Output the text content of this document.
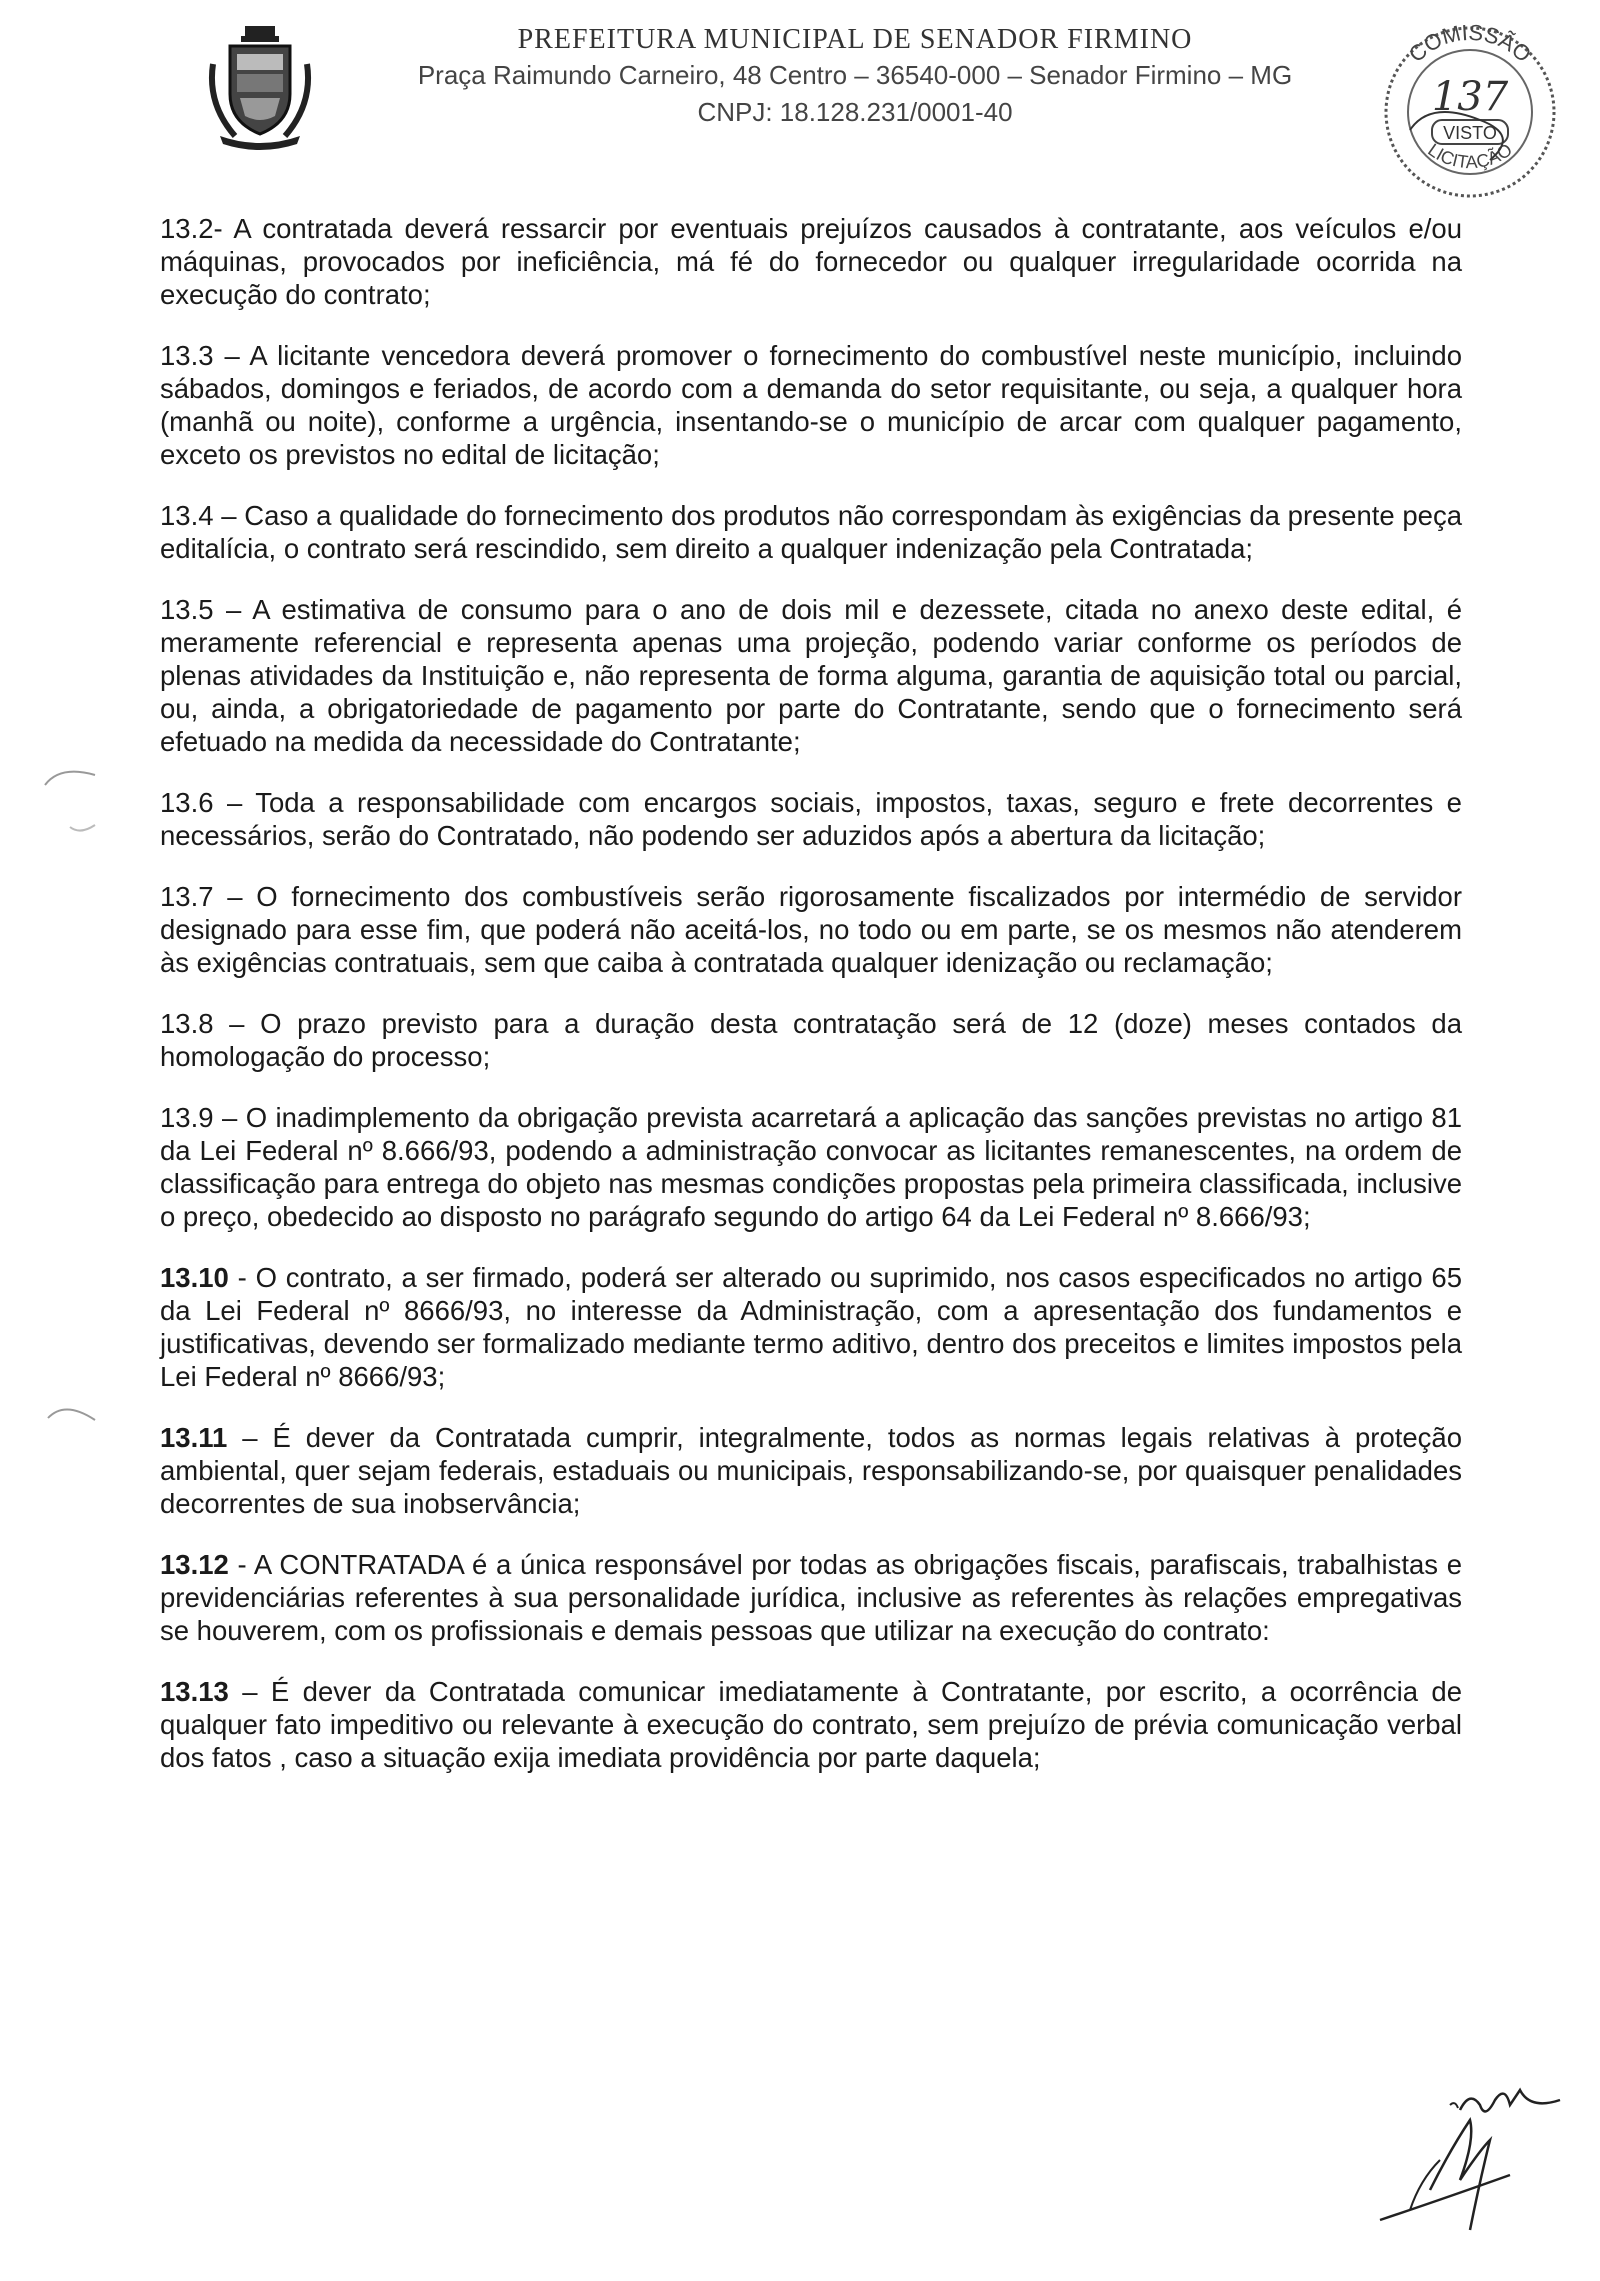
PREFEITURA MUNICIPAL DE SENADOR FIRMINO
Praça Raimundo Carneiro, 48 Centro – 36540-000 – Senador Firmino – MG
CNPJ: 18.128.231/0001-40
COMISSÃO
LICITAÇÃO
137
VISTO

13.2- A contratada deverá ressarcir por eventuais prejuízos causados à contratante, aos veículos e/ou máquinas, provocados por ineficiência, má fé do fornecedor ou qualquer irregularidade ocorrida na execução do contrato;

13.3 – A licitante vencedora deverá promover o fornecimento do combustível neste município, incluindo sábados, domingos e feriados, de acordo com a demanda do setor requisitante, ou seja, a qualquer hora (manhã ou noite), conforme a urgência, insentando-se o município de arcar com qualquer pagamento, exceto os previstos no edital de licitação;

13.4 – Caso a qualidade do fornecimento dos produtos não correspondam às exigências da presente peça editalícia, o contrato será rescindido, sem direito a qualquer indenização pela Contratada;

13.5 – A estimativa de consumo para o ano de dois mil e dezessete, citada no anexo deste edital, é meramente referencial e representa apenas uma projeção, podendo variar conforme os períodos de plenas atividades da Instituição e, não representa de forma alguma, garantia de aquisição total ou parcial, ou, ainda, a obrigatoriedade de pagamento por parte do Contratante, sendo que o fornecimento será efetuado na medida da necessidade do Contratante;

13.6 – Toda a responsabilidade com encargos sociais, impostos, taxas, seguro e frete decorrentes e necessários, serão do Contratado, não podendo ser aduzidos após a abertura da licitação;

13.7 – O fornecimento dos combustíveis serão rigorosamente fiscalizados por intermédio de servidor designado para esse fim, que poderá não aceitá-los, no todo ou em parte, se os mesmos não atenderem às exigências contratuais, sem que caiba à contratada qualquer idenização ou reclamação;

13.8 – O prazo previsto para a duração desta contratação será de 12 (doze) meses contados da homologação do processo;

13.9 – O inadimplemento da obrigação prevista acarretará a aplicação das sanções previstas no artigo 81 da Lei Federal nº 8.666/93, podendo a administração convocar as licitantes remanescentes, na ordem de classificação para entrega do objeto nas mesmas condições propostas pela primeira classificada, inclusive o preço, obedecido ao disposto no parágrafo segundo do artigo 64 da Lei Federal nº 8.666/93;

13.10 - O contrato, a ser firmado, poderá ser alterado ou suprimido, nos casos especificados no artigo 65 da Lei Federal nº 8666/93, no interesse da Administração, com a apresentação dos fundamentos e justificativas, devendo ser formalizado mediante termo aditivo, dentro dos preceitos e limites impostos pela Lei Federal nº 8666/93;

13.11 – É dever da Contratada cumprir, integralmente, todos as normas legais relativas à proteção ambiental, quer sejam federais, estaduais ou municipais, responsabilizando-se, por quaisquer penalidades decorrentes de sua inobservância;

13.12 - A CONTRATADA é a única responsável por todas as obrigações fiscais, parafiscais, trabalhistas e previdenciárias referentes à sua personalidade jurídica, inclusive as referentes às relações empregativas se houverem, com os profissionais e demais pessoas que utilizar na execução do contrato:

13.13 – É dever da Contratada comunicar imediatamente à Contratante, por escrito, a ocorrência de qualquer fato impeditivo ou relevante à execução do contrato, sem prejuízo de prévia comunicação verbal dos fatos , caso a situação exija imediata providência por parte daquela;
